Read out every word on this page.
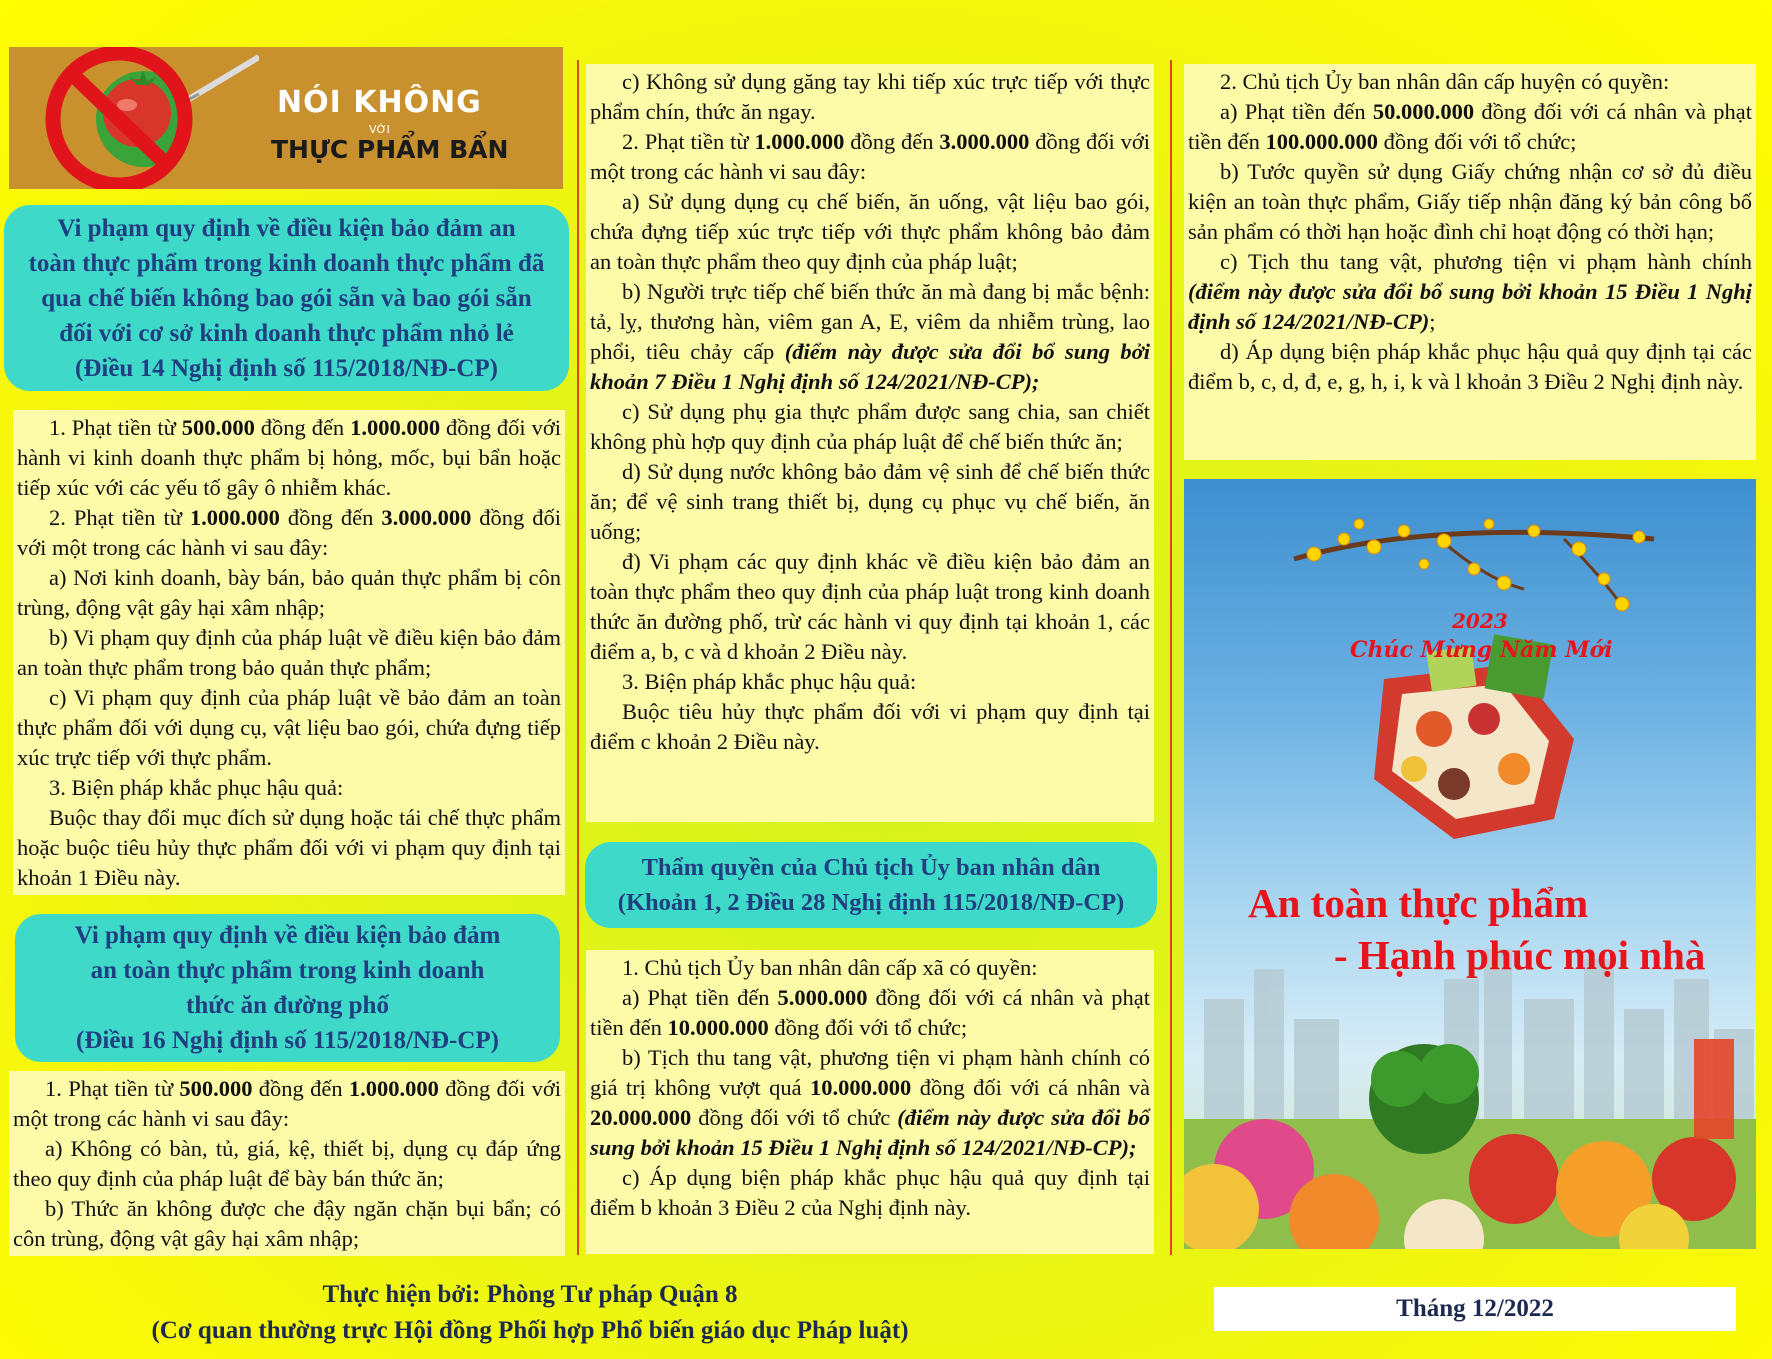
NÓI KHÔNG
VỚI
THỰC PHẨM BẨN
Vi phạm quy định về điều kiện bảo đảm an
toàn thực phẩm trong kinh doanh thực phẩm đã
qua chế biến không bao gói sẵn và bao gói sẵn
đối với cơ sở kinh doanh thực phẩm nhỏ lẻ
(Điều 14 Nghị định số 115/2018/NĐ-CP)

1. Phạt tiền từ 500.000 đồng đến 1.000.000 đồng đối với hành vi kinh doanh thực phẩm bị hỏng, mốc, bụi bẩn hoặc tiếp xúc với các yếu tố gây ô nhiễm khác.

2. Phạt tiền từ 1.000.000 đồng đến 3.000.000 đồng đối với một trong các hành vi sau đây:

a) Nơi kinh doanh, bày bán, bảo quản thực phẩm bị côn trùng, động vật gây hại xâm nhập;

b) Vi phạm quy định của pháp luật về điều kiện bảo đảm an toàn thực phẩm trong bảo quản thực phẩm;

c) Vi phạm quy định của pháp luật về bảo đảm an toàn thực phẩm đối với dụng cụ, vật liệu bao gói, chứa đựng tiếp xúc trực tiếp với thực phẩm.

3. Biện pháp khắc phục hậu quả:

Buộc thay đổi mục đích sử dụng hoặc tái chế thực phẩm hoặc buộc tiêu hủy thực phẩm đối với vi phạm quy định tại khoản 1 Điều này.

Vi phạm quy định về điều kiện bảo đảm
an toàn thực phẩm trong kinh doanh
thức ăn đường phố
(Điều 16 Nghị định số 115/2018/NĐ-CP)

1. Phạt tiền từ 500.000 đồng đến 1.000.000 đồng đối với một trong các hành vi sau đây:

a) Không có bàn, tủ, giá, kệ, thiết bị, dụng cụ đáp ứng theo quy định của pháp luật để bày bán thức ăn;

b) Thức ăn không được che đậy ngăn chặn bụi bẩn; có côn trùng, động vật gây hại xâm nhập;

c) Không sử dụng găng tay khi tiếp xúc trực tiếp với thực phẩm chín, thức ăn ngay.

2. Phạt tiền từ 1.000.000 đồng đến 3.000.000 đồng đối với một trong các hành vi sau đây:

a) Sử dụng dụng cụ chế biến, ăn uống, vật liệu bao gói, chứa đựng tiếp xúc trực tiếp với thực phẩm không bảo đảm an toàn thực phẩm theo quy định của pháp luật;

b) Người trực tiếp chế biến thức ăn mà đang bị mắc bệnh: tả, lỵ, thương hàn, viêm gan A, E, viêm da nhiễm trùng, lao phổi, tiêu chảy cấp (điểm này được sửa đổi bổ sung bởi khoản 7 Điều 1 Nghị định số 124/2021/NĐ-CP);

c) Sử dụng phụ gia thực phẩm được sang chia, san chiết không phù hợp quy định của pháp luật để chế biến thức ăn;

d) Sử dụng nước không bảo đảm vệ sinh để chế biến thức ăn; để vệ sinh trang thiết bị, dụng cụ phục vụ chế biến, ăn uống;

đ) Vi phạm các quy định khác về điều kiện bảo đảm an toàn thực phẩm theo quy định của pháp luật trong kinh doanh thức ăn đường phố, trừ các hành vi quy định tại khoản 1, các điểm a, b, c và d khoản 2 Điều này.

3. Biện pháp khắc phục hậu quả:

Buộc tiêu hủy thực phẩm đối với vi phạm quy định tại điểm c khoản 2 Điều này.

Thẩm quyền của Chủ tịch Ủy ban nhân dân
(Khoản 1, 2 Điều 28 Nghị định 115/2018/NĐ-CP)

1. Chủ tịch Ủy ban nhân dân cấp xã có quyền:

a) Phạt tiền đến 5.000.000 đồng đối với cá nhân và phạt tiền đến 10.000.000 đồng đối với tổ chức;

b) Tịch thu tang vật, phương tiện vi phạm hành chính có giá trị không vượt quá 10.000.000 đồng đối với cá nhân và 20.000.000 đồng đối với tổ chức (điểm này được sửa đổi bổ sung bởi khoản 15 Điều 1 Nghị định số 124/2021/NĐ-CP);

c) Áp dụng biện pháp khắc phục hậu quả quy định tại điểm b khoản 3 Điều 2 của Nghị định này.

2. Chủ tịch Ủy ban nhân dân cấp huyện có quyền:

a) Phạt tiền đến 50.000.000 đồng đối với cá nhân và phạt tiền đến 100.000.000 đồng đối với tổ chức;

b) Tước quyền sử dụng Giấy chứng nhận cơ sở đủ điều kiện an toàn thực phẩm, Giấy tiếp nhận đăng ký bản công bố sản phẩm có thời hạn hoặc đình chỉ hoạt động có thời hạn;

c) Tịch thu tang vật, phương tiện vi phạm hành chính (điểm này được sửa đổi bổ sung bởi khoản 15 Điều 1 Nghị định số 124/2021/NĐ-CP);

d) Áp dụng biện pháp khắc phục hậu quả quy định tại các điểm b, c, d, đ, e, g, h, i, k và l khoản 3 Điều 2 Nghị định này.

2023
Chúc Mừng Năm Mới
An toàn thực phẩm
- Hạnh phúc mọi nhà
Thực hiện bởi: Phòng Tư pháp Quận 8
(Cơ quan thường trực Hội đồng Phối hợp Phổ biến giáo dục Pháp luật)
Tháng 12/2022
